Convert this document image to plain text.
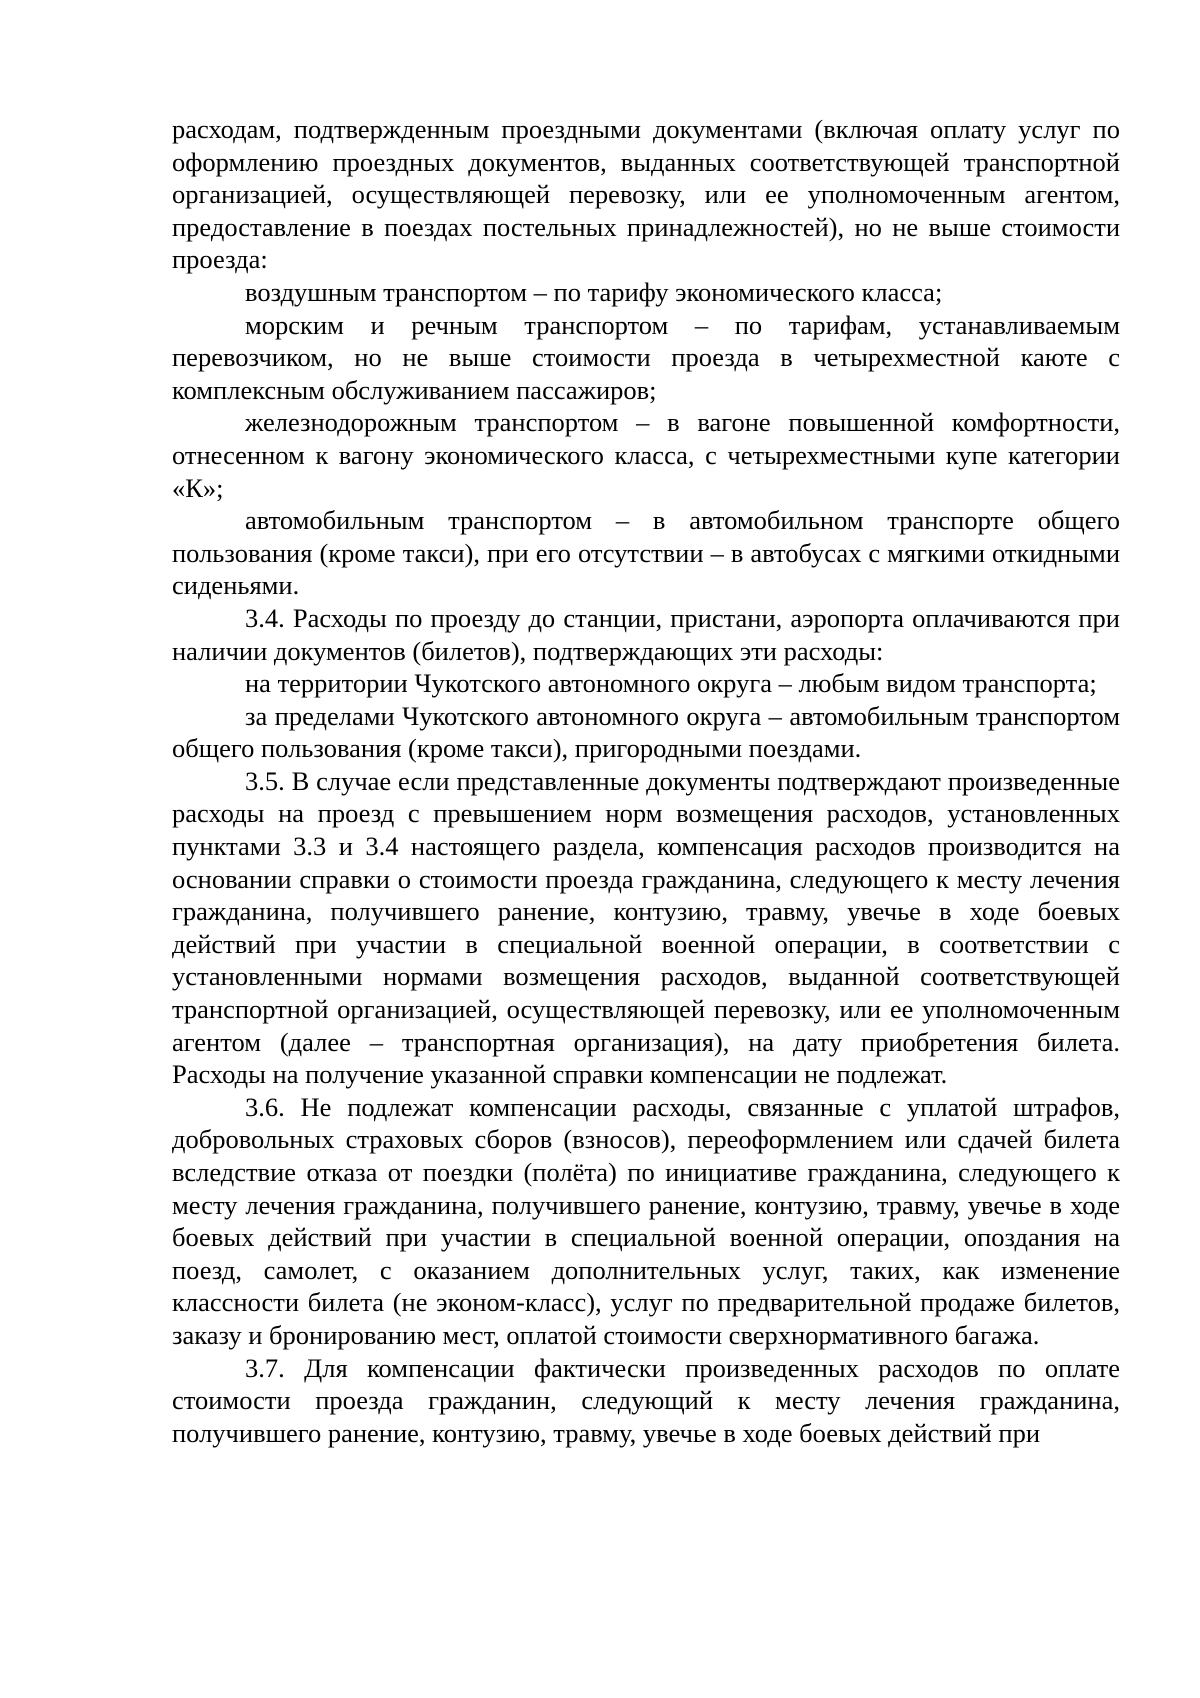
расходам, подтвержденным проездными документами (включая оплату услуг по оформлению проездных документов, выданных соответствующей транспортной организацией, осуществляющей перевозку, или ее уполномоченным агентом, предоставление в поездах постельных принадлежностей), но не выше стоимости проезда:

воздушным транспортом – по тарифу экономического класса;

морским и речным транспортом – по тарифам, устанавливаемым перевозчиком, но не выше стоимости проезда в четырехместной каюте с комплексным обслуживанием пассажиров;

железнодорожным транспортом – в вагоне повышенной комфортности, отнесенном к вагону экономического класса, с четырехместными купе категории «К»;

автомобильным транспортом – в автомобильном транспорте общего пользования (кроме такси), при его отсутствии – в автобусах с мягкими откидными сиденьями.

3.4. Расходы по проезду до станции, пристани, аэропорта оплачиваются при наличии документов (билетов), подтверждающих эти расходы:

на территории Чукотского автономного округа – любым видом транспорта;

за пределами Чукотского автономного округа – автомобильным транспортом общего пользования (кроме такси), пригородными поездами.

3.5. В случае если представленные документы подтверждают произведенные расходы на проезд с превышением норм возмещения расходов, установленных пунктами 3.3 и 3.4 настоящего раздела, компенсация расходов производится на основании справки о стоимости проезда гражданина, следующего к месту лечения гражданина, получившего ранение, контузию, травму, увечье в ходе боевых действий при участии в специальной военной операции, в соответствии с установленными нормами возмещения расходов, выданной соответствующей транспортной организацией, осуществляющей перевозку, или ее уполномоченным агентом (далее – транспортная организация), на дату приобретения билета. Расходы на получение указанной справки компенсации не подлежат.

3.6. Не подлежат компенсации расходы, связанные с уплатой штрафов, добровольных страховых сборов (взносов), переоформлением или сдачей билета вследствие отказа от поездки (полёта) по инициативе гражданина, следующего к месту лечения гражданина, получившего ранение, контузию, травму, увечье в ходе боевых действий при участии в специальной военной операции, опоздания на поезд, самолет, с оказанием дополнительных услуг, таких, как изменение классности билета (не эконом-класс), услуг по предварительной продаже билетов, заказу и бронированию мест, оплатой стоимости сверхнормативного багажа.

3.7. Для компенсации фактически произведенных расходов по оплате стоимости проезда гражданин, следующий к месту лечения гражданина, получившего ранение, контузию, травму, увечье в ходе боевых действий при
